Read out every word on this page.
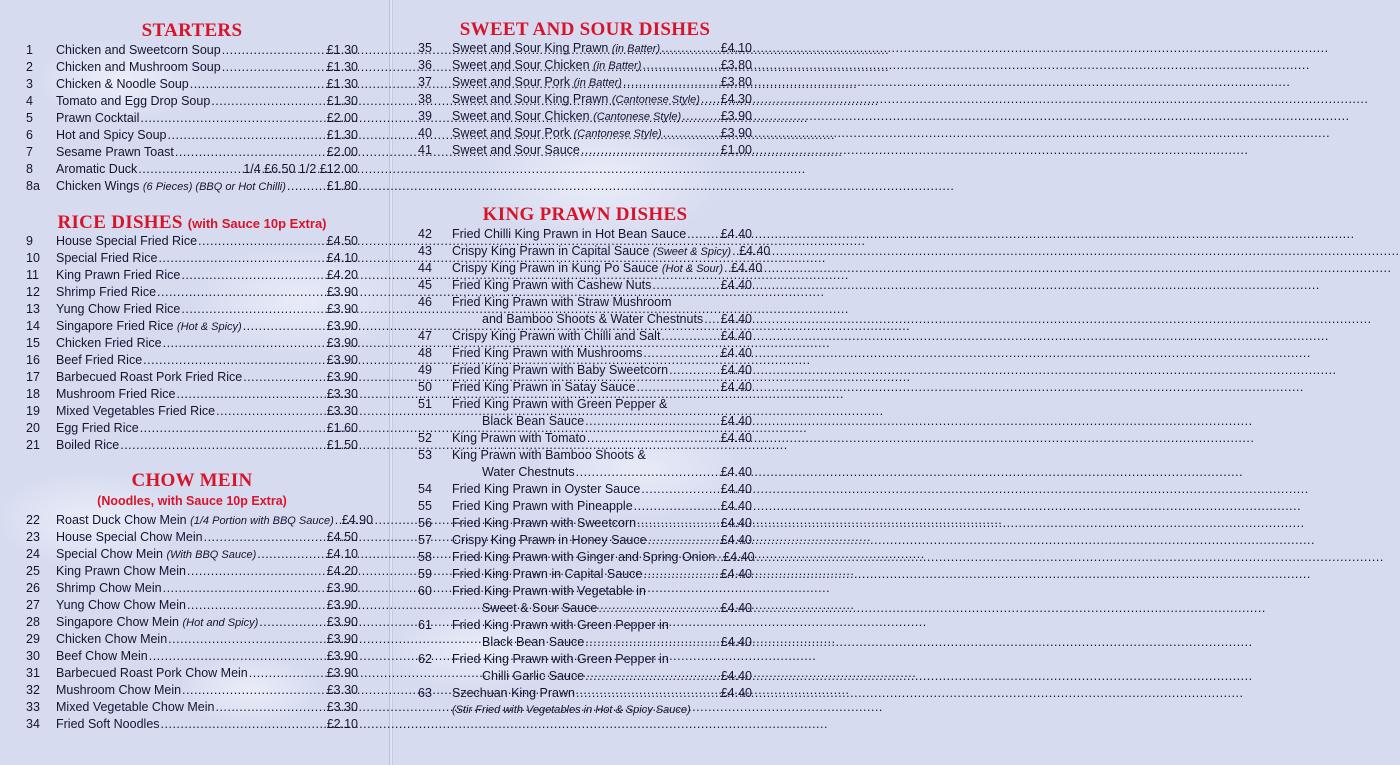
STARTERS
1	Chicken and Sweetcorn Soup .....	£1.30
2	Chicken and Mushroom Soup .....	£1.30
3	Chicken & Noodle Soup .....	£1.30
4	Tomato and Egg Drop Soup .....	£1.30
5	Prawn Cocktail .....	£2.00
6	Hot and Spicy Soup .....	£1.30
7	Sesame Prawn Toast .....	£2.00
8	Aromatic Duck .....	1/4 £6.50 1/2 £12.00
8a	Chicken Wings (6 Pieces) (BBQ or Hot Chilli) .....	£1.80
RICE DISHES (with Sauce 10p Extra)
9	House Special Fried Rice .....	£4.50
10	Special Fried Rice .....	£4.10
11	King Prawn Fried Rice .....	£4.20
12	Shrimp Fried Rice .....	£3.90
13	Yung Chow Fried Rice .....	£3.90
14	Singapore Fried Rice (Hot & Spicy) .....	£3.90
15	Chicken Fried Rice .....	£3.90
16	Beef Fried Rice .....	£3.90
17	Barbecued Roast Pork Fried Rice .....	£3.90
18	Mushroom Fried Rice .....	£3.30
19	Mixed Vegetables Fried Rice .....	£3.30
20	Egg Fried Rice .....	£1.60
21	Boiled Rice .....	£1.50
CHOW MEIN
(Noodles, with Sauce 10p Extra)
22	Roast Duck Chow Mein (1/4 Portion with BBQ Sauce) ..... £4.90
23	House Special Chow Mein .....	£4.50
24	Special Chow Mein (With BBQ Sauce) .....	£4.10
25	King Prawn Chow Mein .....	£4.20
26	Shrimp Chow Mein .....	£3.90
27	Yung Chow Chow Mein .....	£3.90
28	Singapore Chow Mein (Hot and Spicy) .....	£3.90
29	Chicken Chow Mein .....	£3.90
30	Beef Chow Mein .....	£3.90
31	Barbecued Roast Pork Chow Mein .....	£3.90
32	Mushroom Chow Mein .....	£3.30
33	Mixed Vegetable Chow Mein .....	£3.30
34	Fried Soft Noodles .....	£2.10
SWEET AND SOUR DISHES
35	Sweet and Sour King Prawn (in Batter) .....	£4.10
36	Sweet and Sour Chicken (in Batter) .....	£3.80
37	Sweet and Sour Pork (in Batter) .....	£3.80
38	Sweet and Sour King Prawn (Cantonese Style) ..... £4.30
39	Sweet and Sour Chicken (Cantonese Style) .....	£3.90
40	Sweet and Sour Pork (Cantonese Style) .....	£3.90
41	Sweet and Sour Sauce .....	£1.00
KING PRAWN DISHES
42	Fried Chilli King Prawn in Hot Bean Sauce .....	£4.40
43	Crispy King Prawn in Capital Sauce (Sweet & Spicy) ..... £4.40
44	Crispy King Prawn in Kung Po Sauce (Hot & Sour) ..... £4.40
45	Fried King Prawn with Cashew Nuts .....	£4.40
46	Fried King Prawn with Straw Mushroom
and Bamboo Shoots & Water Chestnuts ..... £4.40
47	Crispy King Prawn with Chilli and Salt .....	£4.40
48	Fried King Prawn with Mushrooms .....	£4.40
49	Fried King Prawn with Baby Sweetcorn .....	£4.40
50	Fried King Prawn in Satay Sauce .....	£4.40
51	Fried King Prawn with Green Pepper &
Black Bean Sauce .....	£4.40
52	King Prawn with Tomato .....	£4.40
53	King Prawn with Bamboo Shoots &
Water Chestnuts .....	£4.40
54	Fried King Prawn in Oyster Sauce .....	£4.40
55	Fried King Prawn with Pineapple .....	£4.40
56	Fried King Prawn with Sweetcorn .....	£4.40
57	Crispy King Prawn in Honey Sauce .....	£4.40
58	Fried King Prawn with Ginger and Spring Onion ..... £4.40
59	Fried King Prawn in Capital Sauce .....	£4.40
60	Fried King Prawn with Vegetable in
Sweet & Sour Sauce .....	£4.40
61	Fried King Prawn with Green Pepper in
Black Bean Sauce .....	£4.40
62	Fried King Prawn with Green Pepper in
Chilli Garlic Sauce .....	£4.40
63	Szechuan King Prawn .....	£4.40
(Stir Fried with Vegetables in Hot & Spicy Sauce)
